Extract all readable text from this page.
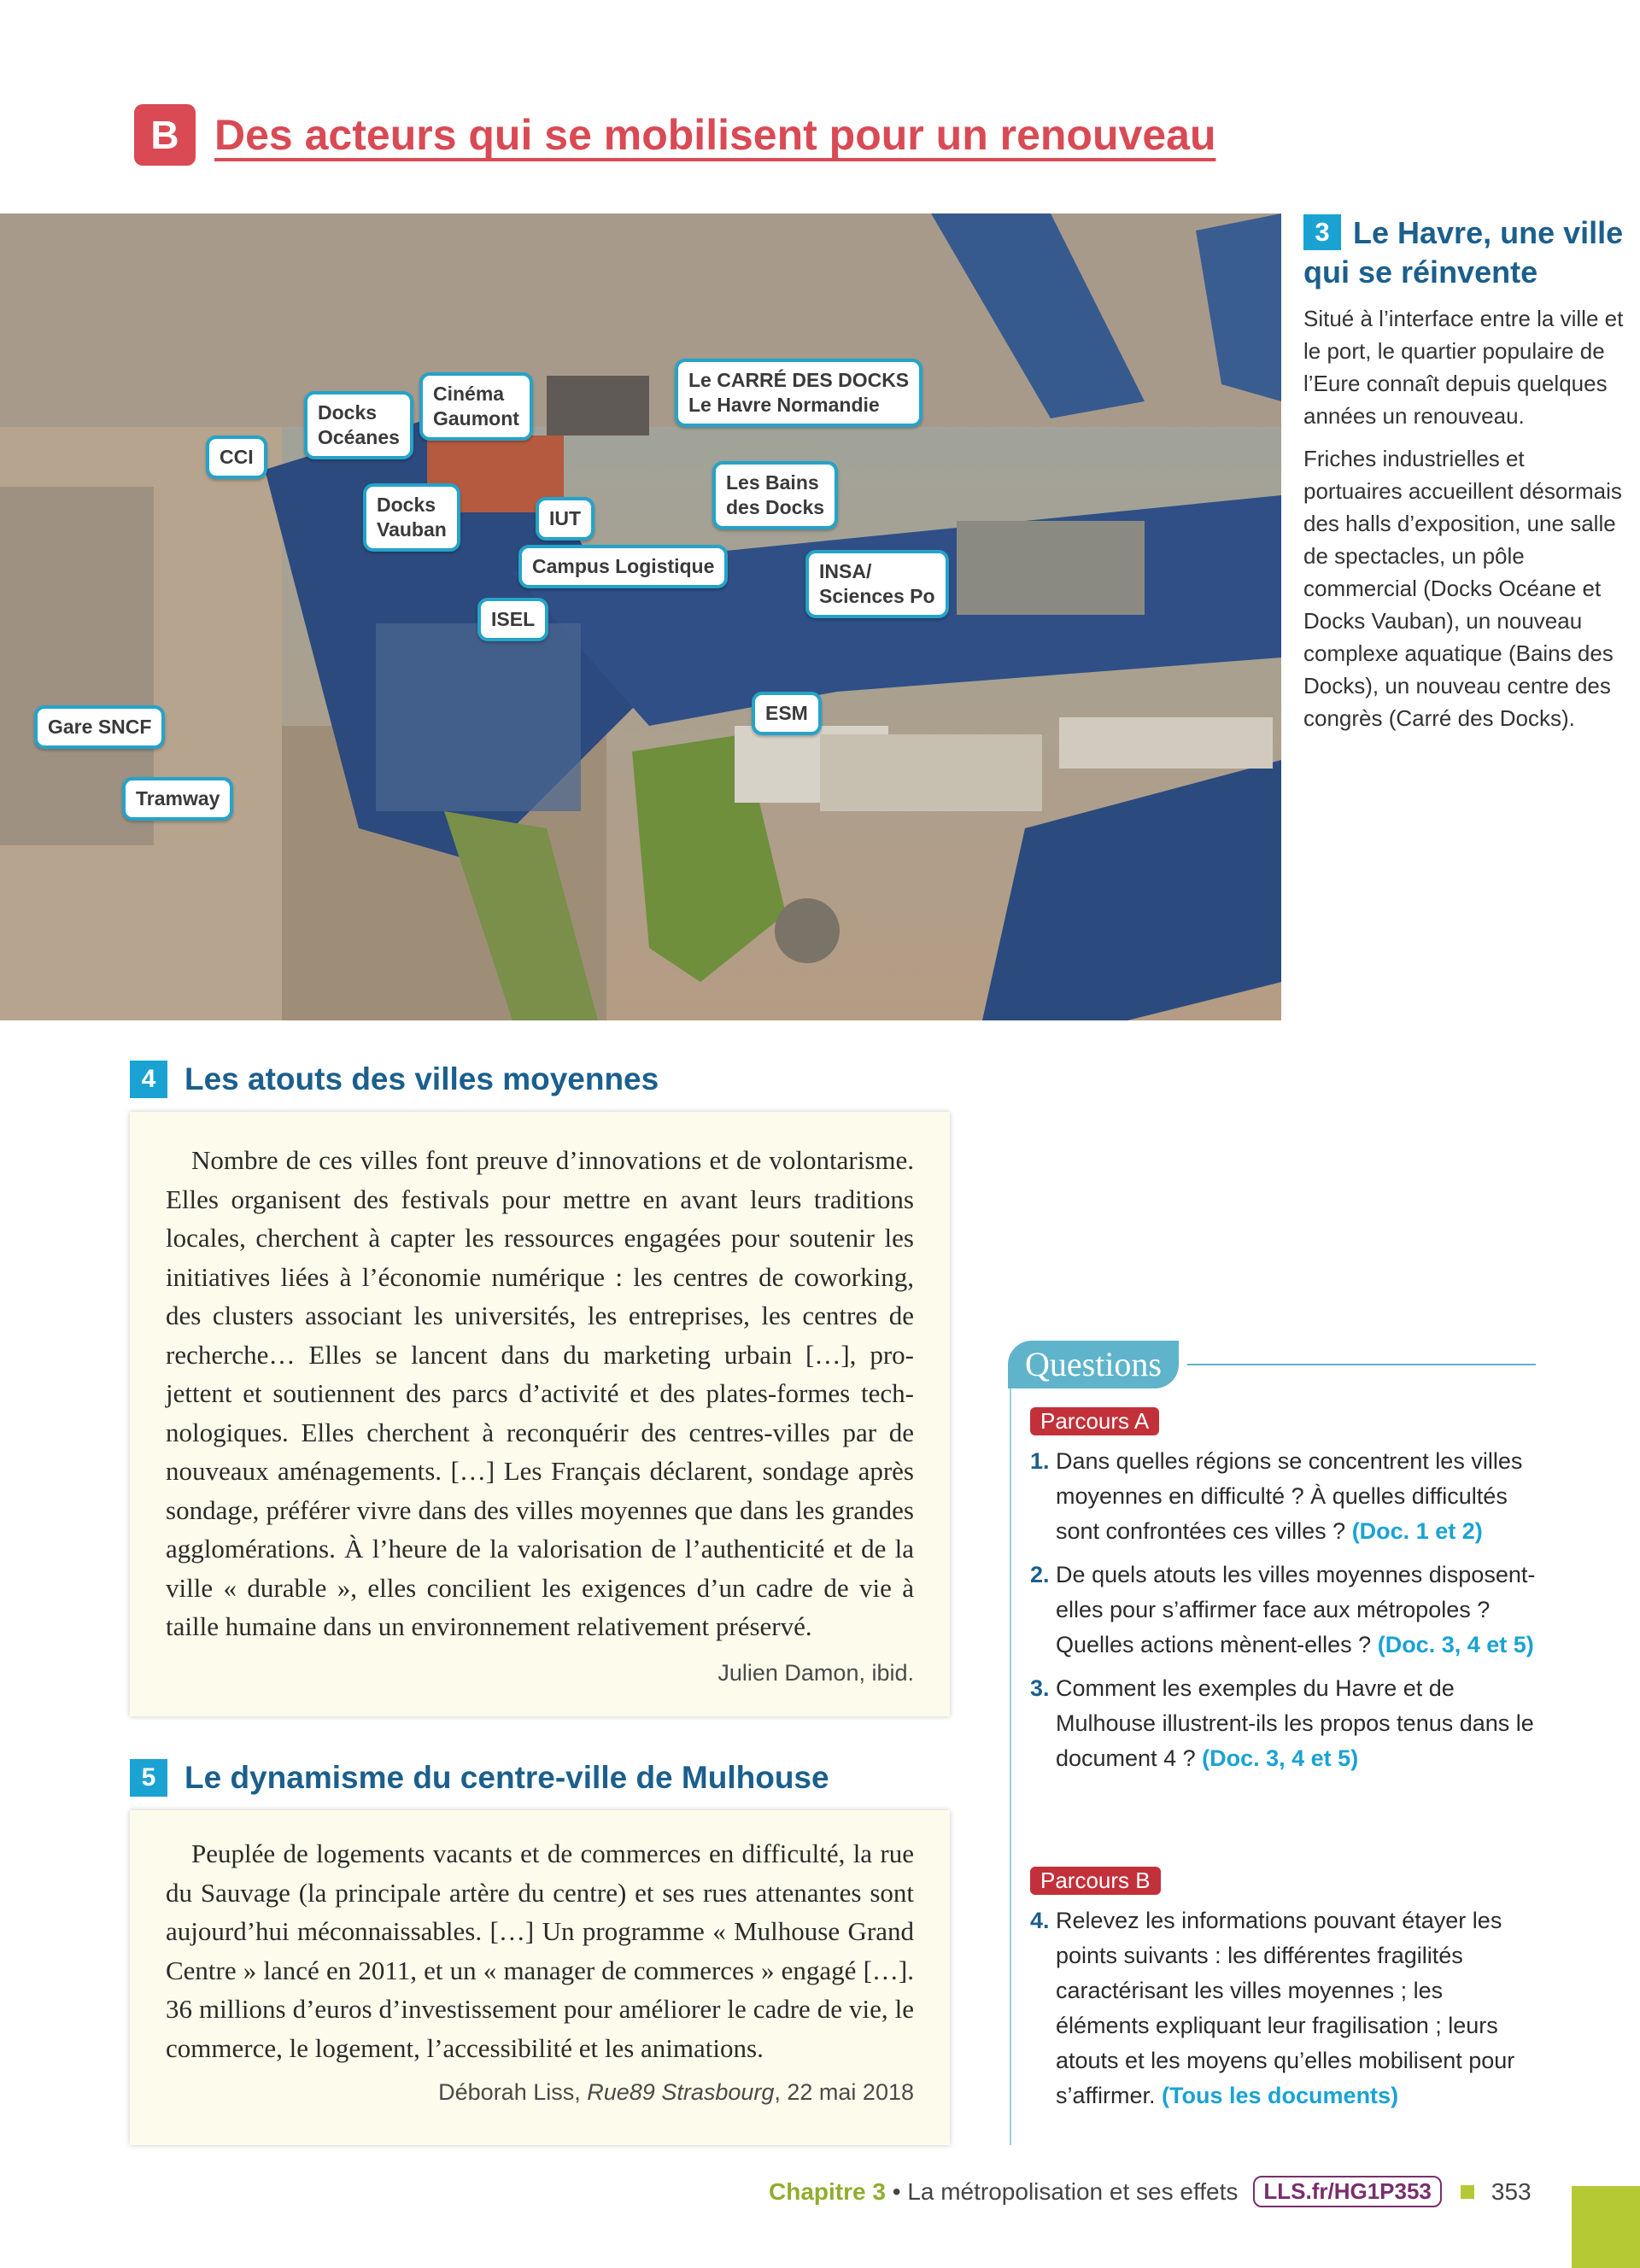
B Des acteurs qui se mobilisent pour un renouveau
CCI
Docks
Océanes
Cinéma
Gaumont
Le CARRÉ DES DOCKS
Le Havre Normandie
Docks
Vauban	IUT
Les Bains
des Docks
Campus Logistique	INSA/
Sciences Po
ISEL
ESM
Gare SNCF
Tramway
3 Le Havre, une ville qui se réinvente

Situé à l’interface entre la ville et le port, le quartier populaire de l’Eure connaît depuis quelques années un renouveau.

Friches industrielles et portuaires accueillent désormais des halls d’exposition, une salle de spectacles, un pôle commercial (Docks Océane et Docks Vauban), un nouveau complexe aquatique (Bains des Docks), un nouveau centre des congrès (Carré des Docks).

4 Les atouts des villes moyennes

Nombre de ces villes font preuve d’innovations et de volontarisme. Elles organisent des festivals pour mettre en avant leurs traditions locales, cherchent à capter les ressources engagées pour soutenir les initiatives liées à l’économie numérique : les centres de coworking, des clusters associant les universités, les entreprises, les centres de recherche… Elles se lancent dans du marketing urbain […], pro-jettent et soutiennent des parcs d’activité et des plates-formes tech-nologiques. Elles cherchent à reconquérir des centres-villes par de nouveaux aménagements. […] Les Français déclarent, sondage après sondage, préférer vivre dans des villes moyennes que dans les grandes agglomérations. À l’heure de la valorisation de l’authenticité et de la ville « durable », elles concilient les exigences d’un cadre de vie à taille humaine dans un environnement relativement préservé.

Julien Damon, ibid.
5 Le dynamisme du centre-ville de Mulhouse

Peuplée de logements vacants et de commerces en difficulté, la rue du Sauvage (la principale artère du centre) et ses rues attenantes sont aujourd’hui méconnaissables. […] Un programme « Mulhouse Grand Centre » lancé en 2011, et un « manager de commerces » engagé […]. 36 millions d’euros d’investissement pour améliorer le cadre de vie, le commerce, le logement, l’accessibilité et les animations.

Déborah Liss, Rue89 Strasbourg, 22 mai 2018
Questions
Parcours A
1. Dans quelles régions se concentrent les villes moyennes en difficulté ? À quelles difficultés sont confrontées ces villes ? (Doc. 1 et 2)
2. De quels atouts les villes moyennes disposent-elles pour s’affirmer face aux métropoles ? Quelles actions mènent-elles ? (Doc. 3, 4 et 5)
3. Comment les exemples du Havre et de Mulhouse illustrent-ils les propos tenus dans le document 4 ? (Doc. 3, 4 et 5)
Parcours B
4. Relevez les informations pouvant étayer les points suivants : les différentes fragilités caractérisant les villes moyennes ; les éléments expliquant leur fragilisation ; leurs atouts et les moyens qu’elles mobilisent pour s’affirmer. (Tous les documents)
Chapitre 3 • La métropolisation et ses effets	LLS.fr/HG1P353	353
